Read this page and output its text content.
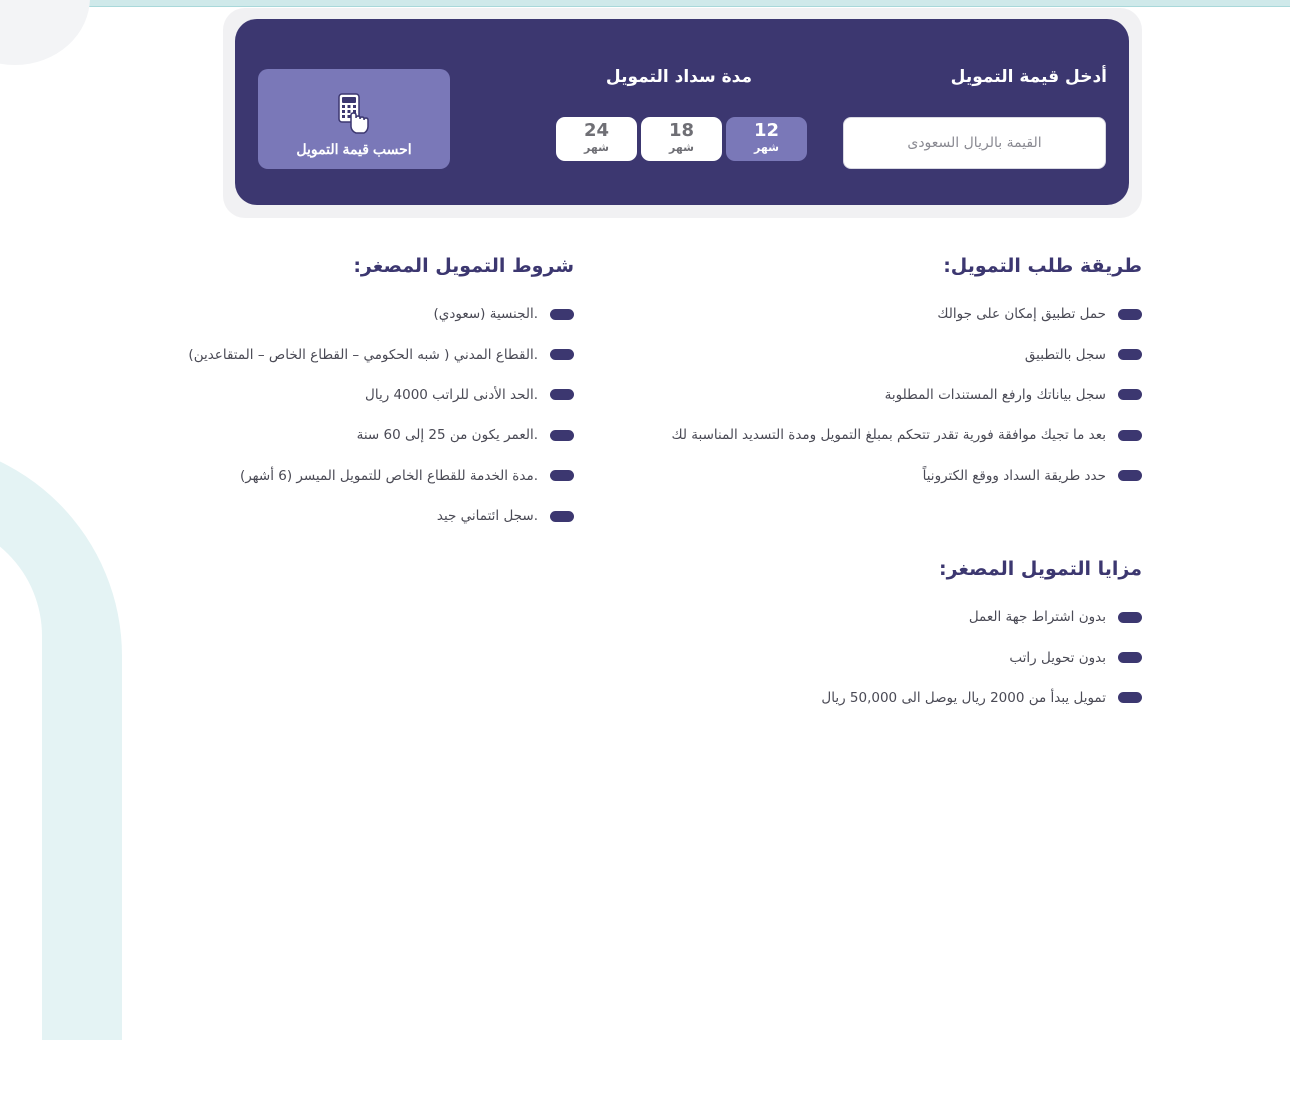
أدخل قيمة التمويل
القيمة بالريال السعودى
مدة سداد التمويل
12
شهر
18
شهر
24
شهر
احسب قيمة التمويل
طريقة طلب التمويل:
حمل تطبيق إمكان على جوالك
سجل بالتطبيق
سجل بياناتك وارفع المستندات المطلوبة
بعد ما تجيك موافقة فورية تقدر تتحكم بمبلغ التمويل ومدة التسديد المناسبة لك
حدد طريقة السداد ووقع الكترونياً
شروط التمويل المصغر:
.الجنسية (سعودي)
.القطاع المدني ( شبه الحكومي – القطاع الخاص – المتقاعدين)
.الحد الأدنى للراتب 4000 ريال
.العمر يكون من 25 إلى 60 سنة
.مدة الخدمة للقطاع الخاص للتمويل الميسر (6 أشهر)
.سجل ائتماني جيد
مزايا التمويل المصغر:
بدون اشتراط جهة العمل
بدون تحويل راتب
تمويل يبدأ من 2000 ريال يوصل الى 50,000 ريال
